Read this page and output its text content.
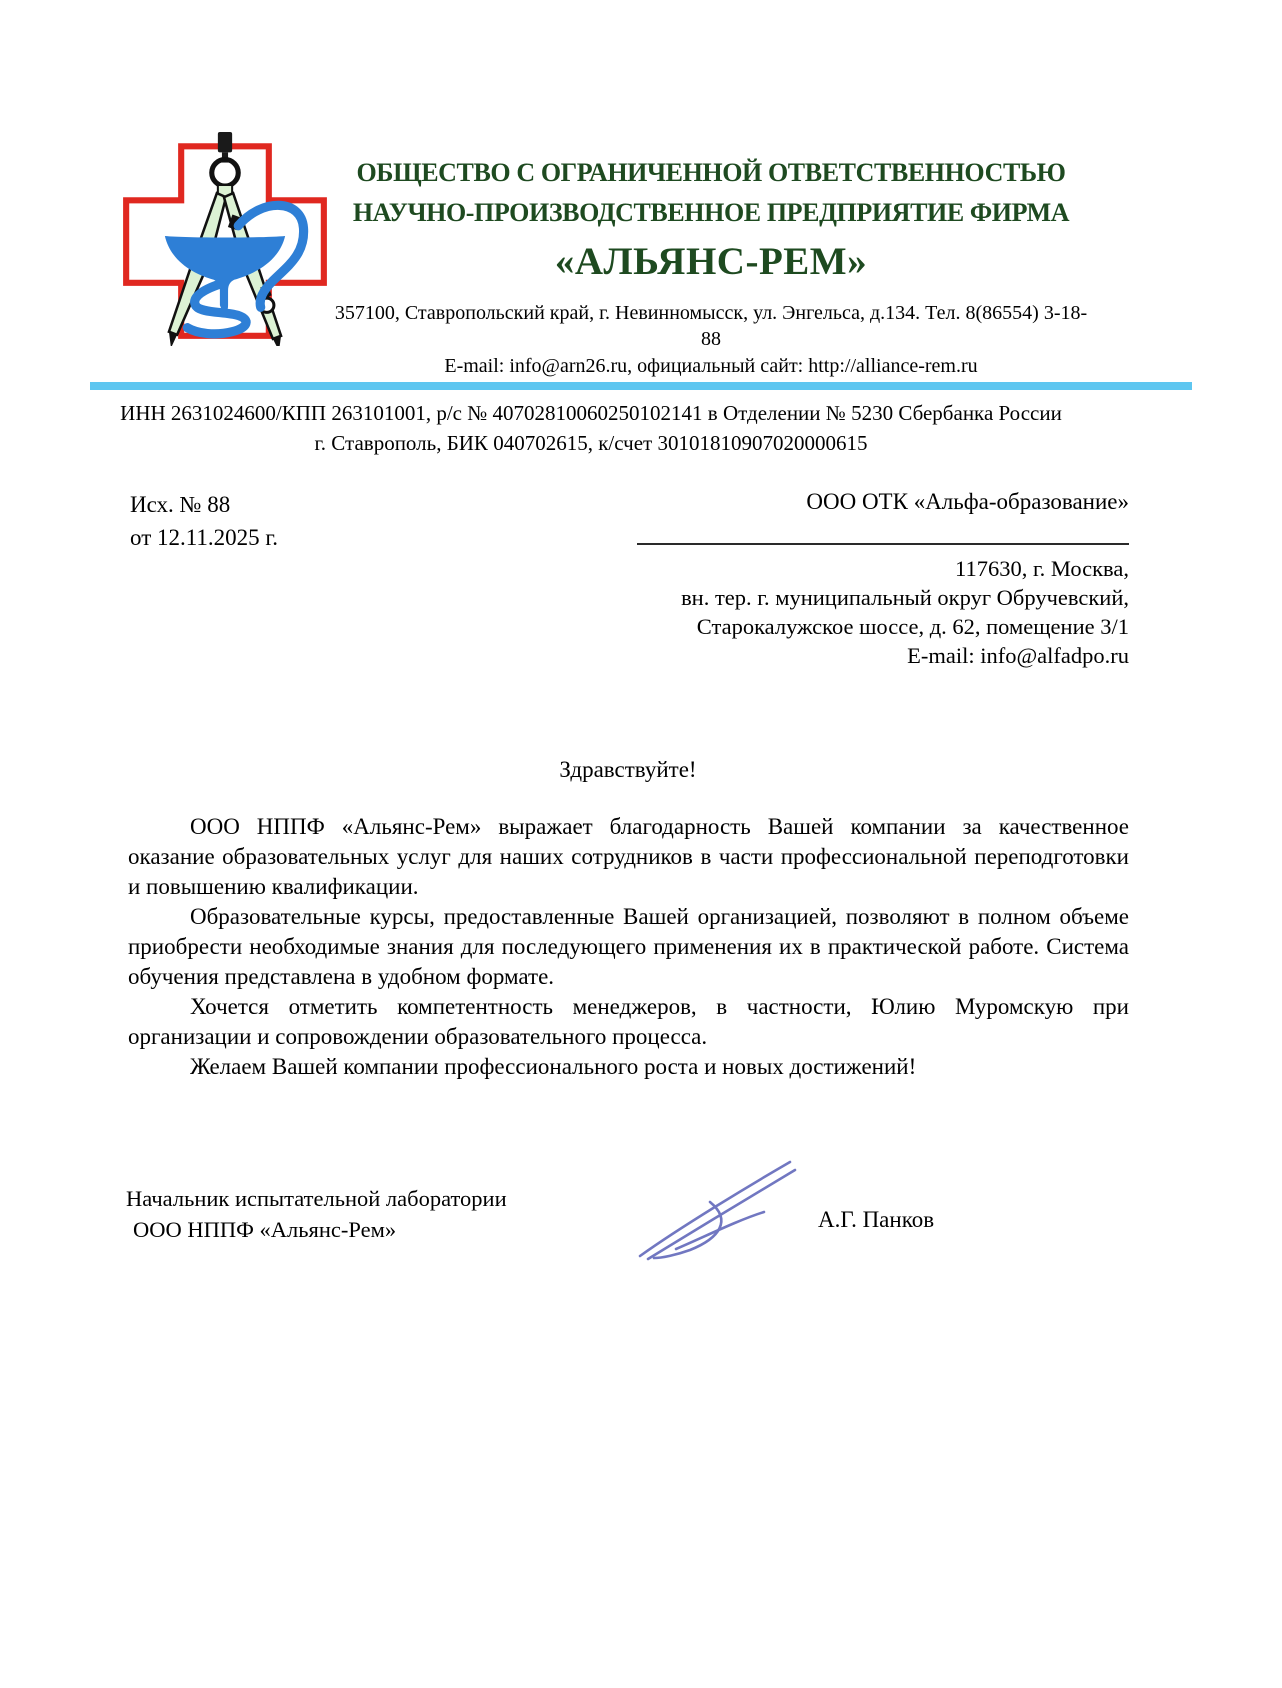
ОБЩЕСТВО С ОГРАНИЧЕННОЙ ОТВЕТСТВЕННОСТЬЮ
НАУЧНО-ПРОИЗВОДСТВЕННОЕ ПРЕДПРИЯТИЕ ФИРМА
«АЛЬЯНС-РЕМ»
357100, Ставропольский край, г. Невинномысск, ул. Энгельса, д.134. Тел. 8(86554) 3-18-88
E-mail: info@arn26.ru, официальный сайт: http://alliance-rem.ru
ИНН 2631024600/КПП 263101001, р/с № 40702810060250102141 в Отделении № 5230 Сбербанка России
г. Ставрополь, БИК 040702615, к/счет 30101810907020000615
Исх. № 88
от 12.11.2025 г.
ООО ОТК «Альфа-образование»
117630, г. Москва,
вн. тер. г. муниципальный округ Обручевский,
Старокалужское шоссе, д. 62, помещение 3/1
E-mail: info@alfadpo.ru
Здравствуйте!

ООО НППФ «Альянс-Рем» выражает благодарность Вашей компании за качественное оказание образовательных услуг для наших сотрудников в части профессиональной переподготовки и повышению квалификации.

Образовательные курсы, предоставленные Вашей организацией, позволяют в полном объеме приобрести необходимые знания для последующего применения их в практической работе. Система обучения представлена в удобном формате.

Хочется отметить компетентность менеджеров, в частности, Юлию Муромскую при организации и сопровождении образовательного процесса.

Желаем Вашей компании профессионального роста и новых достижений!

Начальник испытательной лаборатории
ООО НППФ «Альянс-Рем»	А.Г. Панков
